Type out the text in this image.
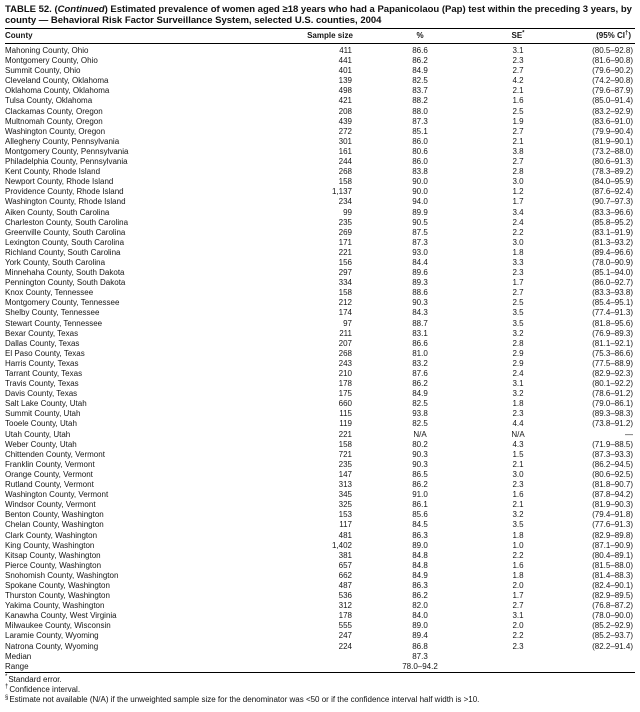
TABLE 52. (Continued) Estimated prevalence of women aged ≥18 years who had a Papanicolaou (Pap) test within the preceding 3 years, by county — Behavioral Risk Factor Surveillance System, selected U.S. counties, 2004
County	Sample size	%	SE*	(95% CI†)
Mahoning County, Ohio	411	86.6	3.1	(80.5–92.8)
Montgomery County, Ohio	441	86.2	2.3	(81.6–90.8)
Summit County, Ohio	401	84.9	2.7	(79.6–90.2)
Cleveland County, Oklahoma	139	82.5	4.2	(74.2–90.8)
Oklahoma County, Oklahoma	498	83.7	2.1	(79.6–87.9)
Tulsa County, Oklahoma	421	88.2	1.6	(85.0–91.4)
Clackamas County, Oregon	208	88.0	2.5	(83.2–92.9)
Multnomah County, Oregon	439	87.3	1.9	(83.6–91.0)
Washington County, Oregon	272	85.1	2.7	(79.9–90.4)
Allegheny County, Pennsylvania	301	86.0	2.1	(81.9–90.1)
Montgomery County, Pennsylvania	161	80.6	3.8	(73.2–88.0)
Philadelphia County, Pennsylvania	244	86.0	2.7	(80.6–91.3)
Kent County, Rhode Island	268	83.8	2.8	(78.3–89.2)
Newport County, Rhode Island	158	90.0	3.0	(84.0–95.9)
Providence County, Rhode Island	1,137	90.0	1.2	(87.6–92.4)
Washington County, Rhode Island	234	94.0	1.7	(90.7–97.3)
Aiken County, South Carolina	99	89.9	3.4	(83.3–96.6)
Charleston County, South Carolina	235	90.5	2.4	(85.8–95.2)
Greenville County, South Carolina	269	87.5	2.2	(83.1–91.9)
Lexington County, South Carolina	171	87.3	3.0	(81.3–93.2)
Richland County, South Carolina	221	93.0	1.8	(89.4–96.6)
York County, South Carolina	156	84.4	3.3	(78.0–90.9)
Minnehaha County, South Dakota	297	89.6	2.3	(85.1–94.0)
Pennington County, South Dakota	334	89.3	1.7	(86.0–92.7)
Knox County, Tennessee	158	88.6	2.7	(83.3–93.8)
Montgomery County, Tennessee	212	90.3	2.5	(85.4–95.1)
Shelby County, Tennessee	174	84.3	3.5	(77.4–91.3)
Stewart County, Tennessee	97	88.7	3.5	(81.8–95.6)
Bexar County, Texas	211	83.1	3.2	(76.9–89.3)
Dallas County, Texas	207	86.6	2.8	(81.1–92.1)
El Paso County, Texas	268	81.0	2.9	(75.3–86.6)
Harris County, Texas	243	83.2	2.9	(77.5–88.9)
Tarrant County, Texas	210	87.6	2.4	(82.9–92.3)
Travis County, Texas	178	86.2	3.1	(80.1–92.2)
Davis County, Texas	175	84.9	3.2	(78.6–91.2)
Salt Lake County, Utah	660	82.5	1.8	(79.0–86.1)
Summit County, Utah	115	93.8	2.3	(89.3–98.3)
Tooele County, Utah	119	82.5	4.4	(73.8–91.2)
Utah County, Utah	221	N/A	N/A	—
Weber County, Utah	158	80.2	4.3	(71.9–88.5)
Chittenden County, Vermont	721	90.3	1.5	(87.3–93.3)
Franklin County, Vermont	235	90.3	2.1	(86.2–94.5)
Orange County, Vermont	147	86.5	3.0	(80.6–92.5)
Rutland County, Vermont	313	86.2	2.3	(81.8–90.7)
Washington County, Vermont	345	91.0	1.6	(87.8–94.2)
Windsor County, Vermont	325	86.1	2.1	(81.9–90.3)
Benton County, Washington	153	85.6	3.2	(79.4–91.8)
Chelan County, Washington	117	84.5	3.5	(77.6–91.3)
Clark County, Washington	481	86.3	1.8	(82.9–89.8)
King County, Washington	1,402	89.0	1.0	(87.1–90.9)
Kitsap County, Washington	381	84.8	2.2	(80.4–89.1)
Pierce County, Washington	657	84.8	1.6	(81.5–88.0)
Snohomish County, Washington	662	84.9	1.8	(81.4–88.3)
Spokane County, Washington	487	86.3	2.0	(82.4–90.1)
Thurston County, Washington	536	86.2	1.7	(82.9–89.5)
Yakima County, Washington	312	82.0	2.7	(76.8–87.2)
Kanawha County, West Virginia	178	84.0	3.1	(78.0–90.0)
Milwaukee County, Wisconsin	555	89.0	2.0	(85.2–92.9)
Laramie County, Wyoming	247	89.4	2.2	(85.2–93.7)
Natrona County, Wyoming	224	86.8	2.3	(82.2–91.4)
Median		87.3		
Range		78.0–94.2		
*Standard error.
†Confidence interval.
§Estimate not available (N/A) if the unweighted sample size for the denominator was <50 or if the confidence interval half width is >10.
